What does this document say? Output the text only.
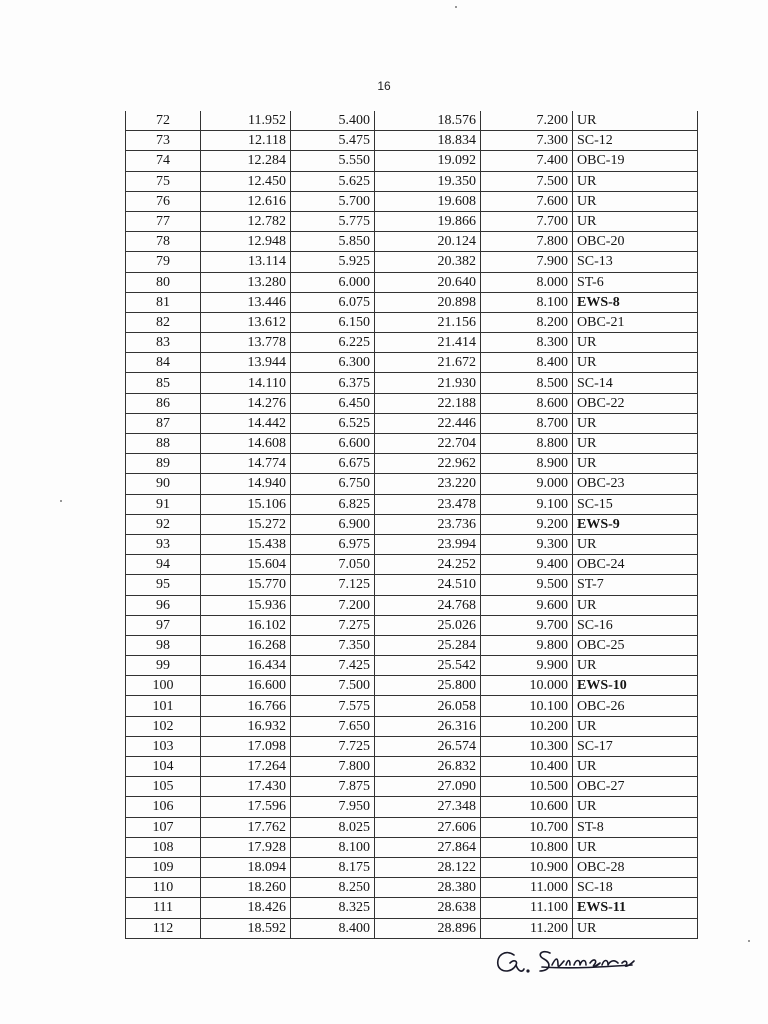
16
72	11.952	5.400	18.576	7.200	UR
73	12.118	5.475	18.834	7.300	SC-12
74	12.284	5.550	19.092	7.400	OBC-19
75	12.450	5.625	19.350	7.500	UR
76	12.616	5.700	19.608	7.600	UR
77	12.782	5.775	19.866	7.700	UR
78	12.948	5.850	20.124	7.800	OBC-20
79	13.114	5.925	20.382	7.900	SC-13
80	13.280	6.000	20.640	8.000	ST-6
81	13.446	6.075	20.898	8.100	EWS-8
82	13.612	6.150	21.156	8.200	OBC-21
83	13.778	6.225	21.414	8.300	UR
84	13.944	6.300	21.672	8.400	UR
85	14.110	6.375	21.930	8.500	SC-14
86	14.276	6.450	22.188	8.600	OBC-22
87	14.442	6.525	22.446	8.700	UR
88	14.608	6.600	22.704	8.800	UR
89	14.774	6.675	22.962	8.900	UR
90	14.940	6.750	23.220	9.000	OBC-23
91	15.106	6.825	23.478	9.100	SC-15
92	15.272	6.900	23.736	9.200	EWS-9
93	15.438	6.975	23.994	9.300	UR
94	15.604	7.050	24.252	9.400	OBC-24
95	15.770	7.125	24.510	9.500	ST-7
96	15.936	7.200	24.768	9.600	UR
97	16.102	7.275	25.026	9.700	SC-16
98	16.268	7.350	25.284	9.800	OBC-25
99	16.434	7.425	25.542	9.900	UR
100	16.600	7.500	25.800	10.000	EWS-10
101	16.766	7.575	26.058	10.100	OBC-26
102	16.932	7.650	26.316	10.200	UR
103	17.098	7.725	26.574	10.300	SC-17
104	17.264	7.800	26.832	10.400	UR
105	17.430	7.875	27.090	10.500	OBC-27
106	17.596	7.950	27.348	10.600	UR
107	17.762	8.025	27.606	10.700	ST-8
108	17.928	8.100	27.864	10.800	UR
109	18.094	8.175	28.122	10.900	OBC-28
110	18.260	8.250	28.380	11.000	SC-18
111	18.426	8.325	28.638	11.100	EWS-11
112	18.592	8.400	28.896	11.200	UR
